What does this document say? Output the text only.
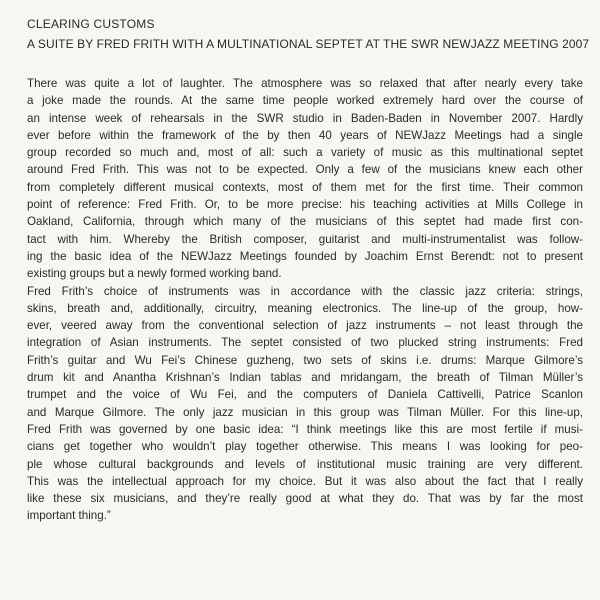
CLEARING CUSTOMS
A SUITE BY FRED FRITH WITH A MULTINATIONAL SEPTET AT THE SWR NEWJAZZ MEETING 2007

There was quite a lot of laughter. The atmosphere was so relaxed that after nearly every take
a joke made the rounds. At the same time people worked extremely hard over the course of
an intense week of rehearsals in the SWR studio in Baden-Baden in November 2007. Hardly
ever before within the framework of the by then 40 years of NEWJazz Meetings had a single
group recorded so much and, most of all: such a variety of music as this multinational septet
around Fred Frith. This was not to be expected. Only a few of the musicians knew each other
from completely different musical contexts, most of them met for the first time. Their common
point of reference: Fred Frith. Or, to be more precise: his teaching activities at Mills College in
Oakland, California, through which many of the musicians of this septet had made first con-
tact with him. Whereby the British composer, guitarist and multi-instrumentalist was follow-
ing the basic idea of the NEWJazz Meetings founded by Joachim Ernst Berendt: not to present
existing groups but a newly formed working band.

Fred Frith’s choice of instruments was in accordance with the classic jazz criteria: strings,
skins, breath and, additionally, circuitry, meaning electronics. The line-up of the group, how-
ever, veered away from the conventional selection of jazz instruments – not least through the
integration of Asian instruments. The septet consisted of two plucked string instruments: Fred
Frith’s guitar and Wu Fei’s Chinese guzheng, two sets of skins i.e. drums: Marque Gilmore’s
drum kit and Anantha Krishnan’s Indian tablas and mridangam, the breath of Tilman Müller’s
trumpet and the voice of Wu Fei, and the computers of Daniela Cattivelli, Patrice Scanlon
and Marque Gilmore. The only jazz musician in this group was Tilman Müller. For this line-up,
Fred Frith was governed by one basic idea: “I think meetings like this are most fertile if musi-
cians get together who wouldn’t play together otherwise. This means I was looking for peo-
ple whose cultural backgrounds and levels of institutional music training are very different.
This was the intellectual approach for my choice. But it was also about the fact that I really
like these six musicians, and they’re really good at what they do. That was by far the most
important thing.”
